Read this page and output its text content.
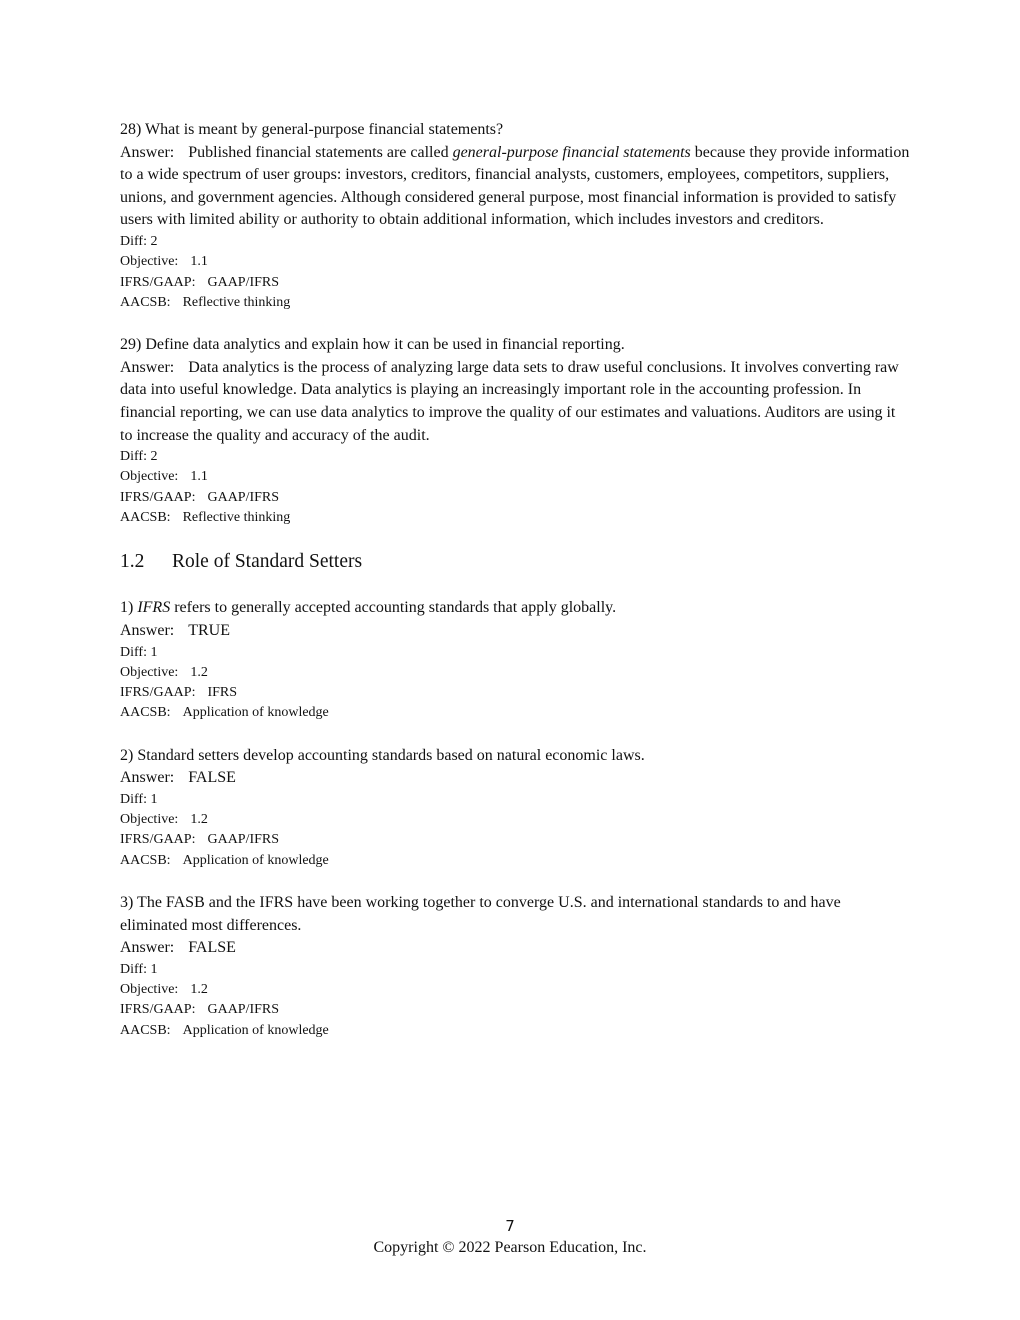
28) What is meant by general-purpose financial statements?

Answer: Published financial statements are called general-purpose financial statements because they provide information to a wide spectrum of user groups: investors, creditors, financial analysts, customers, employees, competitors, suppliers, unions, and government agencies. Although considered general purpose, most financial information is provided to satisfy users with limited ability or authority to obtain additional information, which includes investors and creditors.

Diff: 2

Objective: 1.1

IFRS/GAAP: GAAP/IFRS

AACSB: Reflective thinking

29) Define data analytics and explain how it can be used in financial reporting.

Answer: Data analytics is the process of analyzing large data sets to draw useful conclusions. It involves converting raw data into useful knowledge. Data analytics is playing an increasingly important role in the accounting profession. In financial reporting, we can use data analytics to improve the quality of our estimates and valuations. Auditors are using it to increase the quality and accuracy of the audit.

Diff: 2

Objective: 1.1

IFRS/GAAP: GAAP/IFRS

AACSB: Reflective thinking

1.2 Role of Standard Setters

1) IFRS refers to generally accepted accounting standards that apply globally.

Answer: TRUE

Diff: 1

Objective: 1.2

IFRS/GAAP: IFRS

AACSB: Application of knowledge

2) Standard setters develop accounting standards based on natural economic laws.

Answer: FALSE

Diff: 1

Objective: 1.2

IFRS/GAAP: GAAP/IFRS

AACSB: Application of knowledge

3) The FASB and the IFRS have been working together to converge U.S. and international standards to and have eliminated most differences.

Answer: FALSE

Diff: 1

Objective: 1.2

IFRS/GAAP: GAAP/IFRS

AACSB: Application of knowledge

7
Copyright © 2022 Pearson Education, Inc.
